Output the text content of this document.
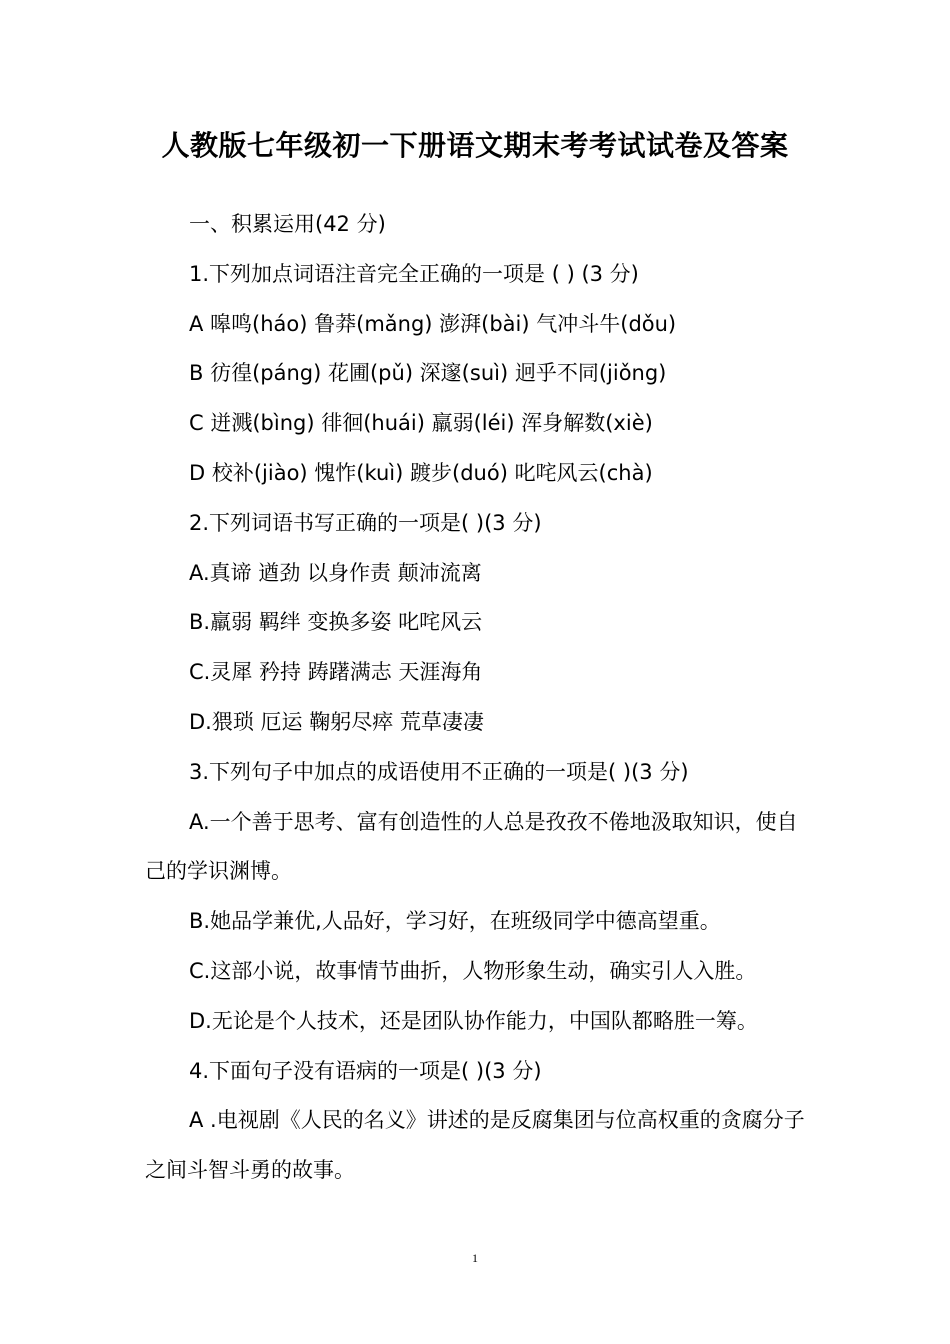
人教版七年级初一下册语文期末考考试试卷及答案

一、积累运用(42 分)

1.下列加点词语注音完全正确的一项是 ( ) (3 分)

A 嗥鸣(háo) 鲁莽(mǎng) 澎湃(bài) 气冲斗牛(dǒu)

B 彷徨(páng) 花圃(pǔ) 深邃(suì) 迥乎不同(jiǒng)

C 迸溅(bìng) 徘徊(huái) 羸弱(léi) 浑身解数(xiè)

D 校补(jiào) 愧怍(kuì) 踱步(duó) 叱咤风云(chà)

2.下列词语书写正确的一项是( )(3 分)

A.真谛 遒劲 以身作责 颠沛流离

B.羸弱 羁绊 变换多姿 叱咤风云

C.灵犀 矜持 踌躇满志 天涯海角

D.猥琐 厄运 鞠躬尽瘁 荒草凄凄

3.下列句子中加点的成语使用不正确的一项是( )(3 分)

A.一个善于思考、富有创造性的人总是孜孜不倦地汲取知识，使自己的学识渊博。

B.她品学兼优,人品好，学习好，在班级同学中德高望重。

C.这部小说，故事情节曲折，人物形象生动，确实引人入胜。

D.无论是个人技术，还是团队协作能力，中国队都略胜一筹。

4.下面句子没有语病的一项是( )(3 分)

A .电视剧《人民的名义》讲述的是反腐集团与位高权重的贪腐分子之间斗智斗勇的故事。

1
